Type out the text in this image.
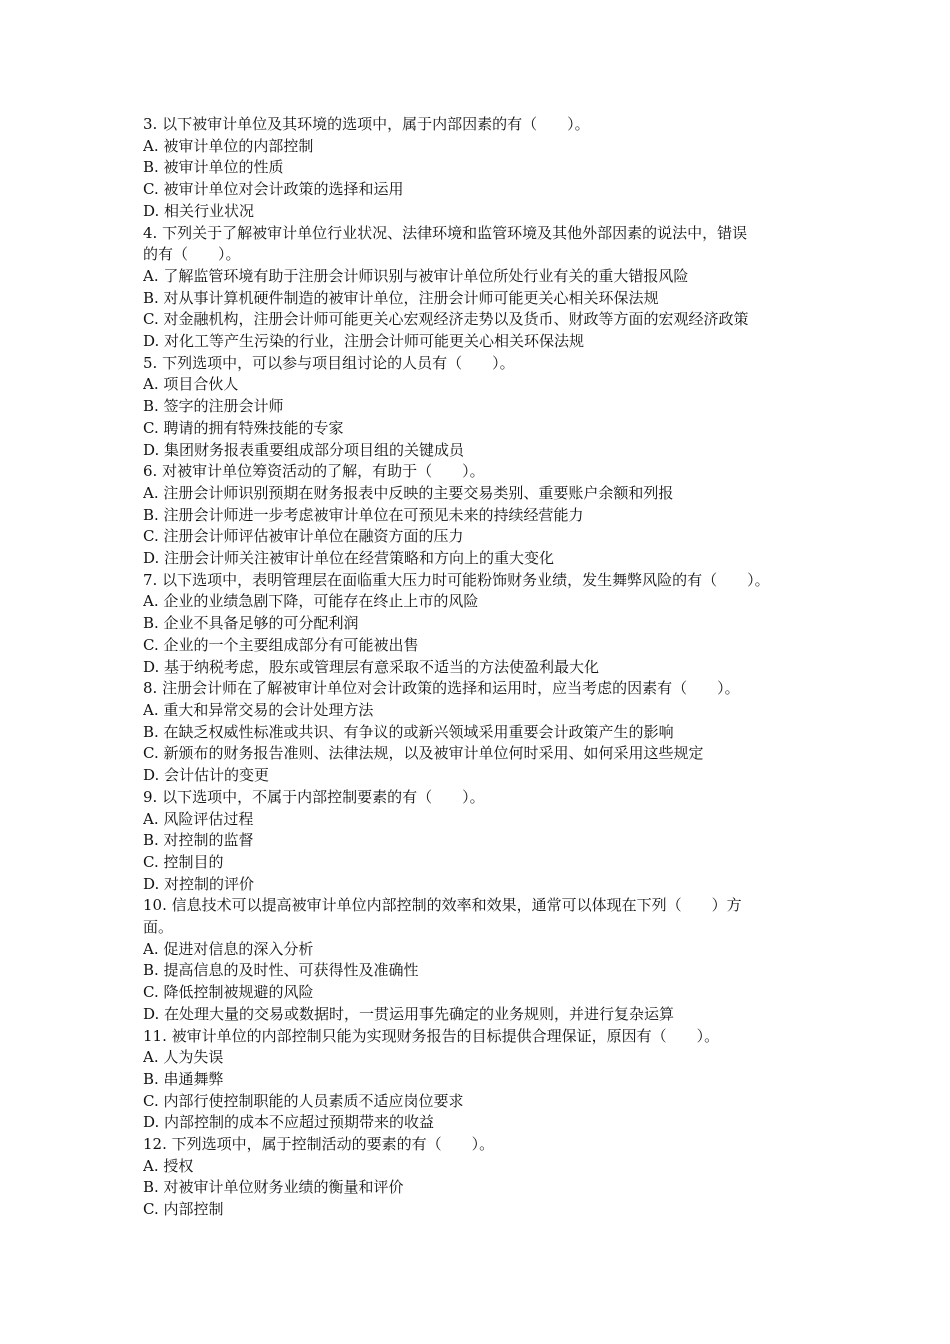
3. 以下被审计单位及其环境的选项中，属于内部因素的有（　　）。
A. 被审计单位的内部控制
B. 被审计单位的性质
C. 被审计单位对会计政策的选择和运用
D. 相关行业状况
4. 下列关于了解被审计单位行业状况、法律环境和监管环境及其他外部因素的说法中，错误
的有（　　）。
A. 了解监管环境有助于注册会计师识别与被审计单位所处行业有关的重大错报风险
B. 对从事计算机硬件制造的被审计单位，注册会计师可能更关心相关环保法规
C. 对金融机构，注册会计师可能更关心宏观经济走势以及货币、财政等方面的宏观经济政策
D. 对化工等产生污染的行业，注册会计师可能更关心相关环保法规
5. 下列选项中，可以参与项目组讨论的人员有（　　）。
A. 项目合伙人
B. 签字的注册会计师
C. 聘请的拥有特殊技能的专家
D. 集团财务报表重要组成部分项目组的关键成员
6. 对被审计单位筹资活动的了解，有助于（　　）。
A. 注册会计师识别预期在财务报表中反映的主要交易类别、重要账户余额和列报
B. 注册会计师进一步考虑被审计单位在可预见未来的持续经营能力
C. 注册会计师评估被审计单位在融资方面的压力
D. 注册会计师关注被审计单位在经营策略和方向上的重大变化
7. 以下选项中，表明管理层在面临重大压力时可能粉饰财务业绩，发生舞弊风险的有（　　）。
A. 企业的业绩急剧下降，可能存在终止上市的风险
B. 企业不具备足够的可分配利润
C. 企业的一个主要组成部分有可能被出售
D. 基于纳税考虑，股东或管理层有意采取不适当的方法使盈利最大化
8. 注册会计师在了解被审计单位对会计政策的选择和运用时，应当考虑的因素有（　　）。
A. 重大和异常交易的会计处理方法
B. 在缺乏权威性标准或共识、有争议的或新兴领域采用重要会计政策产生的影响
C. 新颁布的财务报告准则、法律法规，以及被审计单位何时采用、如何采用这些规定
D. 会计估计的变更
9. 以下选项中，不属于内部控制要素的有（　　）。
A. 风险评估过程
B. 对控制的监督
C. 控制目的
D. 对控制的评价
10. 信息技术可以提高被审计单位内部控制的效率和效果，通常可以体现在下列（　　）方
面。
A. 促进对信息的深入分析
B. 提高信息的及时性、可获得性及准确性
C. 降低控制被规避的风险
D. 在处理大量的交易或数据时，一贯运用事先确定的业务规则，并进行复杂运算
11. 被审计单位的内部控制只能为实现财务报告的目标提供合理保证，原因有（　　）。
A. 人为失误
B. 串通舞弊
C. 内部行使控制职能的人员素质不适应岗位要求
D. 内部控制的成本不应超过预期带来的收益
12. 下列选项中，属于控制活动的要素的有（　　）。
A. 授权
B. 对被审计单位财务业绩的衡量和评价
C. 内部控制
